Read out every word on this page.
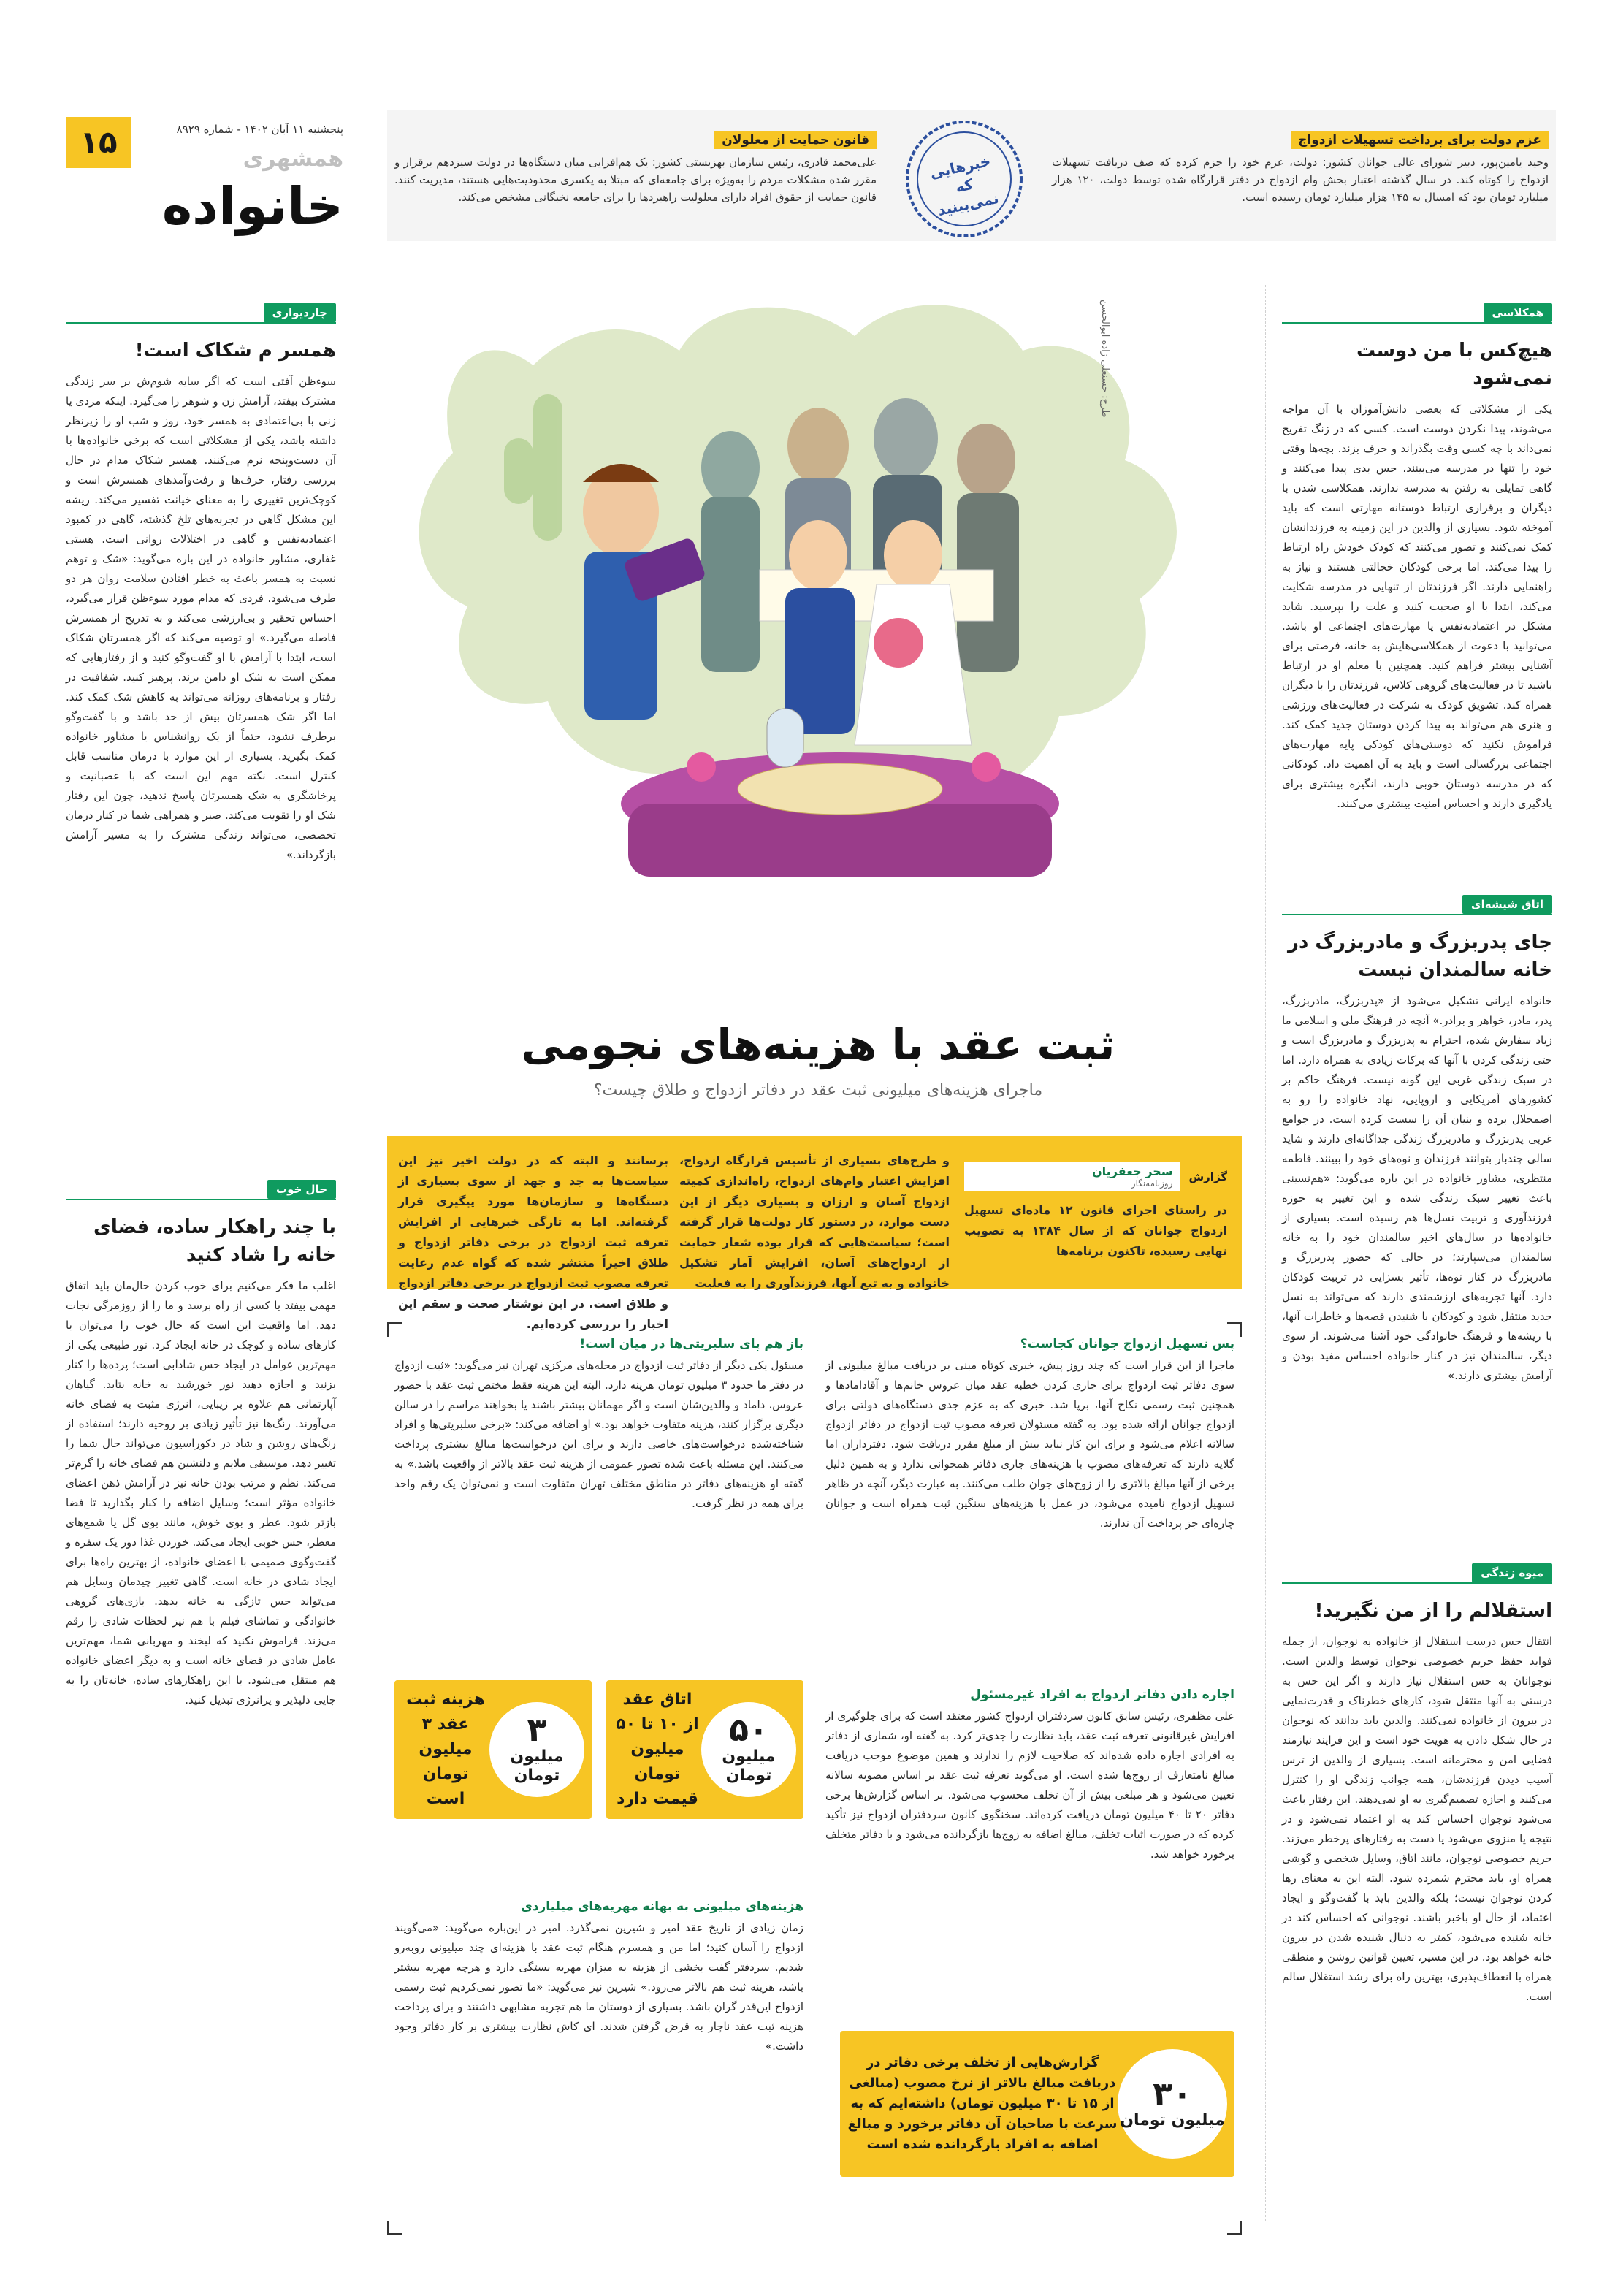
۱۵	پنجشنبه ۱۱ آبان ۱۴۰۲ - شماره ۸۹۲۹
همشهری
خانواده
عزم دولت برای پرداخت تسهیلات ازدواج
وحید یامین‌پور، دبیر شورای عالی جوانان کشور: دولت، عزم خود را جزم کرده که صف دریافت تسهیلات ازدواج را کوتاه کند. در سال گذشته اعتبار بخش وام ازدواج در دفتر قرارگاه شده توسط دولت، ۱۲۰ هزار میلیارد تومان بود که امسال به ۱۴۵ هزار میلیارد تومان رسیده است.
خبرهایی که نمی‌بینید
قانون حمایت از معلولان
علی‌محمد قادری، رئیس سازمان بهزیستی کشور: یک هم‌افزایی میان دستگاه‌ها در دولت سیزدهم برقرار و مقرر شده مشکلات مردم را به‌ویژه برای جامعه‌ای که مبتلا به یکسری محدودیت‌هایی هستند، مدیریت کنند. قانون حمایت از حقوق افراد دارای معلولیت راهبردها را برای جامعه نخبگانی مشخص می‌کند.
طرح: حسنعلی زاده‌ ابوالحسن
ثبت عقد با هزینه‌های نجومی
ماجرای هزینه‌های میلیونی ثبت عقد در دفاتر ازدواج و طلاق چیست؟
گزارش
سحر جعفریان
روزنامه‌نگار
در راستای اجرای قانون ۱۲ ماده‌ای تسهیل ازدواج جوانان که از سال ۱۳۸۴ به تصویب نهایی رسیده، تاکنون برنامه‌ها
و طرح‌های بسیاری از تأسیس قرارگاه ازدواج، افزایش اعتبار وام‌های ازدواج، راه‌اندازی کمیته ازدواج آسان و ارزان و بسیاری دیگر از این دست موارد، در دستور کار دولت‌ها قرار گرفته است؛ سیاست‌هایی که قرار بوده شعار حمایت از ازدواج‌های آسان، افزایش آمار تشکیل خانواده و به تبع آنها، فرزندآوری را به فعلیت
برسانند و البته که در دولت اخیر نیز این سیاست‌ها به جد و جهد از سوی بسیاری از دستگاه‌ها و سازمان‌ها مورد پیگیری قرار گرفته‌اند. اما به تازگی خبرهایی از افزایش تعرفه ثبت ازدواج در برخی دفاتر ازدواج و طلاق اخیراً منتشر شده که گواه عدم رعایت تعرفه مصوب ثبت ازدواج در برخی دفاتر ازدواج و طلاق است. در این نوشتار صحت و سقم این اخبار را بررسی کرده‌ایم.
پس تسهیل ازدواج جوانان کجاست؟
ماجرا از این قرار است که چند روز پیش، خبری کوتاه مبنی بر دریافت مبالغ میلیونی از سوی دفاتر ثبت ازدواج برای جاری کردن خطبه عقد میان عروس خانم‌ها و آقادامادها و همچنین ثبت رسمی نکاح آنها، برپا شد. خبری که به عزم جدی دستگاه‌های دولتی برای ازدواج جوانان ارائه شده بود. به گفته مسئولان تعرفه مصوب ثبت ازدواج در دفاتر ازدواج سالانه اعلام می‌شود و برای این کار نباید بیش از مبلغ مقرر دریافت شود. دفترداران اما گلایه دارند که تعرفه‌های مصوب با هزینه‌های جاری دفاتر همخوانی ندارد و به همین دلیل برخی از آنها مبالغ بالاتری را از زوج‌های جوان طلب می‌کنند. به عبارت دیگر، آنچه در ظاهر تسهیل ازدواج نامیده می‌شود، در عمل با هزینه‌های سنگین ثبت همراه است و جوانان چاره‌ای جز پرداخت آن ندارند.
اجاره دادن دفاتر ازدواج به افراد غیرمسئول
علی مظفری، رئیس سابق کانون سردفتران ازدواج کشور معتقد است که برای جلوگیری از افزایش غیرقانونی تعرفه ثبت عقد، باید نظارت را جدی‌تر کرد. به گفته او، شماری از دفاتر به افرادی اجاره داده شده‌اند که صلاحیت لازم را ندارند و همین موضوع موجب دریافت مبالغ نامتعارف از زوج‌ها شده است. او می‌گوید تعرفه ثبت عقد بر اساس مصوبه سالانه تعیین می‌شود و هر مبلغی بیش از آن تخلف محسوب می‌شود. بر اساس گزارش‌ها برخی دفاتر ۲۰ تا ۴۰ میلیون تومان دریافت کرده‌اند. سخنگوی کانون سردفتران ازدواج نیز تأکید کرده که در صورت اثبات تخلف، مبالغ اضافه به زوج‌ها بازگردانده می‌شود و با دفاتر متخلف برخورد خواهد شد.
باز هم پای سلبریتی‌ها در میان است!
مسئول یکی دیگر از دفاتر ثبت ازدواج در محله‌های مرکزی تهران نیز می‌گوید: «ثبت ازدواج در دفتر ما حدود ۳ میلیون تومان هزینه دارد. البته این هزینه فقط مختص ثبت عقد با حضور عروس، داماد و والدین‌شان است و اگر مهمانان بیشتر باشند یا بخواهند مراسم را در سالن دیگری برگزار کنند، هزینه متفاوت خواهد بود.» او اضافه می‌کند: «برخی سلبریتی‌ها و افراد شناخته‌شده درخواست‌های خاصی دارند و برای این درخواست‌ها مبالغ بیشتری پرداخت می‌کنند. این مسئله باعث شده تصور عمومی از هزینه ثبت عقد بالاتر از واقعیت باشد.» به گفته او هزینه‌های دفاتر در مناطق مختلف تهران متفاوت است و نمی‌توان یک رقم واحد برای همه در نظر گرفت.
هزینه‌های میلیونی به بهانه مهریه‌های میلیاردی
زمان زیادی از تاریخ عقد امیر و شیرین نمی‌گذرد. امیر در این‌باره می‌گوید: «می‌گویند ازدواج را آسان کنید؛ اما من و همسرم هنگام ثبت عقد با هزینه‌ای چند میلیونی روبه‌رو شدیم. سردفتر گفت بخشی از هزینه به میزان مهریه بستگی دارد و هرچه مهریه بیشتر باشد، هزینه ثبت هم بالاتر می‌رود.» شیرین نیز می‌گوید: «ما تصور نمی‌کردیم ثبت رسمی ازدواج این‌قدر گران باشد. بسیاری از دوستان ما هم تجربه مشابهی داشتند و برای پرداخت هزینه ثبت عقد ناچار به قرض گرفتن شدند. ای کاش نظارت بیشتری بر کار دفاتر وجود داشت.»
۵۰
میلیون تومان
اتاق عقد از ۱۰ تا ۵۰ میلیون تومان قیمت دارد
۳
میلیون تومان
هزینه ثبت عقد ۳ میلیون تومان است
۳۰
میلیون تومان
گزارش‌هایی از تخلف برخی دفاتر در دریافت مبالغ بالاتر از نرخ مصوب (مبالغی از ۱۵ تا ۳۰ میلیون تومان) داشته‌ایم که به سرعت با صاحبان آن دفاتر برخورد و مبالغ اضافه به افراد بازگردانده شده است
همکلاسی
هیچ‌کس با من دوست نمی‌شود
یکی از مشکلاتی که بعضی دانش‌آموزان با آن مواجه می‌شوند، پیدا نکردن دوست است. کسی که در زنگ تفریح نمی‌داند با چه کسی وقت بگذراند و حرف بزند. بچه‌ها وقتی خود را تنها در مدرسه می‌بینند، حس بدی پیدا می‌کنند و گاهی تمایلی به رفتن به مدرسه ندارند. همکلاسی شدن با دیگران و برقراری ارتباط دوستانه مهارتی است که باید آموخته شود. بسیاری از والدین در این زمینه به فرزندانشان کمک نمی‌کنند و تصور می‌کنند که کودک خودش راه ارتباط را پیدا می‌کند. اما برخی کودکان خجالتی هستند و نیاز به راهنمایی دارند. اگر فرزندتان از تنهایی در مدرسه شکایت می‌کند، ابتدا با او صحبت کنید و علت را بپرسید. شاید مشکل در اعتمادبه‌نفس یا مهارت‌های اجتماعی او باشد. می‌توانید با دعوت از همکلاسی‌هایش به خانه، فرصتی برای آشنایی بیشتر فراهم کنید. همچنین با معلم او در ارتباط باشید تا در فعالیت‌های گروهی کلاس، فرزندتان را با دیگران همراه کند. تشویق کودک به شرکت در فعالیت‌های ورزشی و هنری هم می‌تواند به پیدا کردن دوستان جدید کمک کند. فراموش نکنید که دوستی‌های کودکی پایه مهارت‌های اجتماعی بزرگسالی است و باید به آن اهمیت داد. کودکانی که در مدرسه دوستان خوبی دارند، انگیزه بیشتری برای یادگیری دارند و احساس امنیت بیشتری می‌کنند.
اتاق شیشه‌ای
جای پدربزرگ و مادربزرگ در خانه سالمندان نیست
خانواده ایرانی تشکیل می‌شود از «پدربزرگ، مادربزرگ، پدر، مادر، خواهر و برادر.» آنچه در فرهنگ ملی و اسلامی ما زیاد سفارش شده، احترام به پدربزرگ و مادربزرگ است و حتی زندگی کردن با آنها که برکات زیادی به همراه دارد. اما در سبک زندگی غربی این گونه نیست. فرهنگ حاکم بر کشورهای آمریکایی و اروپایی، نهاد خانواده را رو به اضمحلال برده و بنیان آن را سست کرده است. در جوامع غربی پدربزرگ و مادربزرگ زندگی جداگانه‌ای دارند و شاید سالی چندبار بتوانند فرزندان و نوه‌های خود را ببینند. فاطمه منتظری، مشاور خانواده در این باره می‌گوید: «هم‌نسینی باعث تغییر سبک زندگی شده و این تغییر به حوزه فرزندآوری و تربیت نسل‌ها هم رسیده است. بسیاری از خانواده‌ها در سال‌های اخیر سالمندان خود را به خانه سالمندان می‌سپارند؛ در حالی که حضور پدربزرگ و مادربزرگ در کنار نوه‌ها، تأثیر بسزایی در تربیت کودکان دارد. آنها تجربه‌های ارزشمندی دارند که می‌تواند به نسل جدید منتقل شود و کودکان با شنیدن قصه‌ها و خاطرات آنها، با ریشه‌ها و فرهنگ خانوادگی خود آشنا می‌شوند. از سوی دیگر، سالمندان نیز در کنار خانواده احساس مفید بودن و آرامش بیشتری دارند.»
میوه زندگی
استقلالم را از من نگیرید!
انتقال حس درست استقلال از خانواده به نوجوان، از جمله فواید حفظ حریم خصوصی نوجوان توسط والدین است. نوجوانان به حس استقلال نیاز دارند و اگر این حس به درستی به آنها منتقل شود، کارهای خطرناک و قدرت‌نمایی در بیرون از خانواده نمی‌کنند. والدین باید بدانند که نوجوان در حال شکل دادن به هویت خود است و این فرایند نیازمند فضایی امن و محترمانه است. بسیاری از والدین از ترس آسیب دیدن فرزندشان، همه جوانب زندگی او را کنترل می‌کنند و اجازه تصمیم‌گیری به او نمی‌دهند. این رفتار باعث می‌شود نوجوان احساس کند به او اعتماد نمی‌شود و در نتیجه یا منزوی می‌شود یا دست به رفتارهای پرخطر می‌زند. حریم خصوصی نوجوان، مانند اتاق، وسایل شخصی و گوشی همراه او، باید محترم شمرده شود. البته این به معنای رها کردن نوجوان نیست؛ بلکه والدین باید با گفت‌وگو و ایجاد اعتماد، از حال او باخبر باشند. نوجوانی که احساس کند در خانه شنیده می‌شود، کمتر به دنبال شنیده شدن در بیرون خانه خواهد بود. در این مسیر، تعیین قوانین روشن و منطقی همراه با انعطاف‌پذیری، بهترین راه برای رشد استقلال سالم است.
چاردیواری
همسر م شکاک است!
سوءظن آفتی است که اگر سایه شوم‌ش بر سر زندگی مشترک بیفتد، آرامش زن و شوهر را می‌گیرد. اینکه مردی یا زنی با بی‌اعتمادی به همسر خود، روز و شب او را زیرنظر داشته باشد، یکی از مشکلاتی است که برخی خانواده‌ها با آن دست‌وپنجه نرم می‌کنند. همسر شکاک مدام در حال بررسی رفتار، حرف‌ها و رفت‌وآمدهای همسرش است و کوچک‌ترین تغییری را به معنای خیانت تفسیر می‌کند. ریشه این مشکل گاهی در تجربه‌های تلخ گذشته، گاهی در کمبود اعتمادبه‌نفس و گاهی در اختلالات روانی است. هستی غفاری، مشاور خانواده در این باره می‌گوید: «شک و توهم نسبت به همسر باعث به خطر افتادن سلامت روان هر دو طرف می‌شود. فردی که مدام مورد سوءظن قرار می‌گیرد، احساس تحقیر و بی‌ارزشی می‌کند و به تدریج از همسرش فاصله می‌گیرد.» او توصیه می‌کند که اگر همسرتان شکاک است، ابتدا با آرامش با او گفت‌وگو کنید و از رفتارهایی که ممکن است به شک او دامن بزند، پرهیز کنید. شفافیت در رفتار و برنامه‌های روزانه می‌تواند به کاهش شک کمک کند. اما اگر شک همسرتان بیش از حد باشد و با گفت‌وگو برطرف نشود، حتماً از یک روانشناس یا مشاور خانواده کمک بگیرید. بسیاری از این موارد با درمان مناسب قابل کنترل است. نکته مهم این است که با عصبانیت و پرخاشگری به شک همسرتان پاسخ ندهید، چون این رفتار شک او را تقویت می‌کند. صبر و همراهی شما در کنار درمان تخصصی، می‌تواند زندگی مشترک را به مسیر آرامش بازگرداند.»
حال خوب
با چند راهکار ساده، فضای خانه را شاد کنید
اغلب ما فکر می‌کنیم برای خوب کردن حال‌مان باید اتفاق مهمی بیفتد یا کسی از راه برسد و ما را از روزمرگی نجات دهد. اما واقعیت این است که حال خوب را می‌توان با کارهای ساده و کوچک در خانه ایجاد کرد. نور طبیعی یکی از مهم‌ترین عوامل در ایجاد حس شادابی است؛ پرده‌ها را کنار بزنید و اجازه دهید نور خورشید به خانه بتابد. گیاهان آپارتمانی هم علاوه بر زیبایی، انرژی مثبت به فضای خانه می‌آورند. رنگ‌ها نیز تأثیر زیادی بر روحیه دارند؛ استفاده از رنگ‌های روشن و شاد در دکوراسیون می‌تواند حال شما را تغییر دهد. موسیقی ملایم و دلنشین هم فضای خانه را گرم‌تر می‌کند. نظم و مرتب بودن خانه نیز در آرامش ذهن اعضای خانواده مؤثر است؛ وسایل اضافه را کنار بگذارید تا فضا بازتر شود. عطر و بوی خوش، مانند بوی گل یا شمع‌های معطر، حس خوبی ایجاد می‌کند. خوردن غذا دور یک سفره و گفت‌وگوی صمیمی با اعضای خانواده، از بهترین راه‌ها برای ایجاد شادی در خانه است. گاهی تغییر چیدمان وسایل هم می‌تواند حس تازگی به خانه بدهد. بازی‌های گروهی خانوادگی و تماشای فیلم با هم نیز لحظات شادی را رقم می‌زند. فراموش نکنید که لبخند و مهربانی شما، مهم‌ترین عامل شادی در فضای خانه است و به دیگر اعضای خانواده هم منتقل می‌شود. با این راهکارهای ساده، خانه‌تان را به جایی دلپذیر و پرانرژی تبدیل کنید.
